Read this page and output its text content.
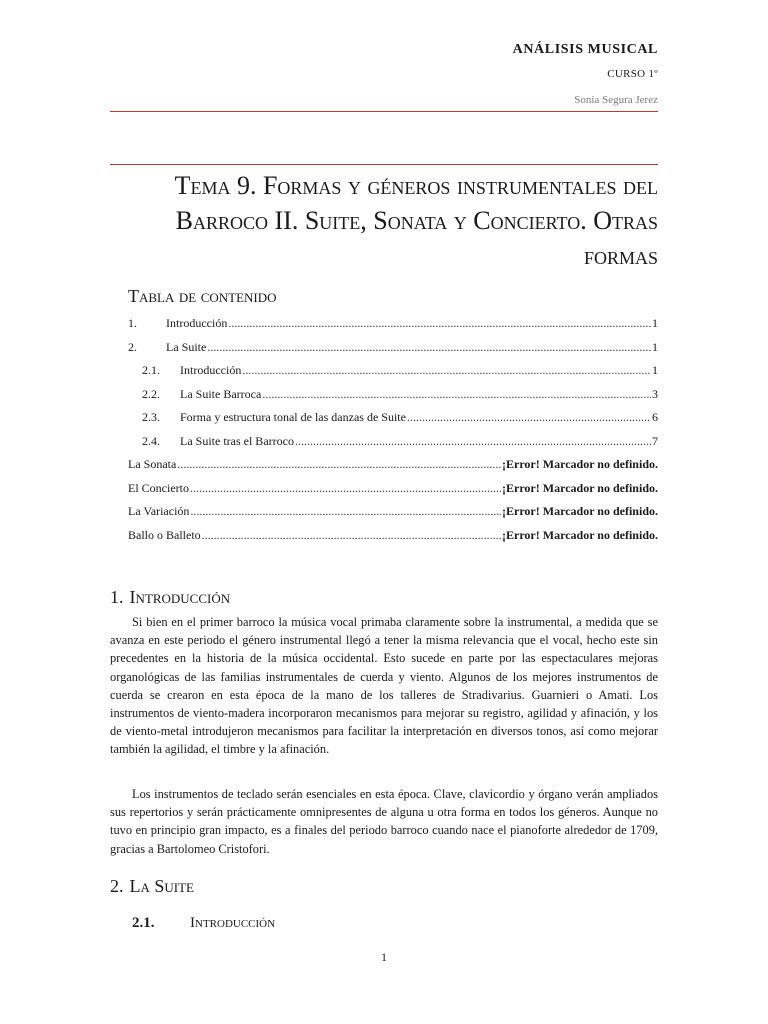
ANÁLISIS MUSICAL
CURSO 1º
Sonia Segura Jerez
Tema 9. Formas y géneros instrumentales del Barroco II. Suite, Sonata y Concierto. Otras formas
Tabla de contenido
1.	Introducción .....	1
2.	La Suite .....	1
2.1.	Introducción .....	1
2.2.	La Suite Barroca .....	3
2.3.	Forma y estructura tonal de las danzas de Suite .....	6
2.4.	La Suite tras el Barroco .....	7
La Sonata .....	¡Error! Marcador no definido.
El Concierto .....	¡Error! Marcador no definido.
La Variación .....	¡Error! Marcador no definido.
Ballo o Balleto .....	¡Error! Marcador no definido.
1. Introducción

Si bien en el primer barroco la música vocal primaba claramente sobre la instrumental, a medida que se avanza en este periodo el género instrumental llegó a tener la misma relevancia que el vocal, hecho este sin precedentes en la historia de la música occidental. Esto sucede en parte por las espectaculares mejoras organológicas de las familias instrumentales de cuerda y viento. Algunos de los mejores instrumentos de cuerda se crearon en esta época de la mano de los talleres de Stradivarius. Guarnieri o Amati. Los instrumentos de viento-madera incorporaron mecanismos para mejorar su registro, agilidad y afinación, y los de viento-metal introdujeron mecanismos para facilitar la interpretación en diversos tonos, así como mejorar también la agilidad, el timbre y la afinación.

Los instrumentos de teclado serán esenciales en esta época. Clave, clavicordio y órgano verán ampliados sus repertorios y serán prácticamente omnipresentes de alguna u otra forma en todos los géneros. Aunque no tuvo en principio gran impacto, es a finales del periodo barroco cuando nace el pianoforte alrededor de 1709, gracias a Bartolomeo Cristofori.

2. La Suite
2.1. Introducción
1
